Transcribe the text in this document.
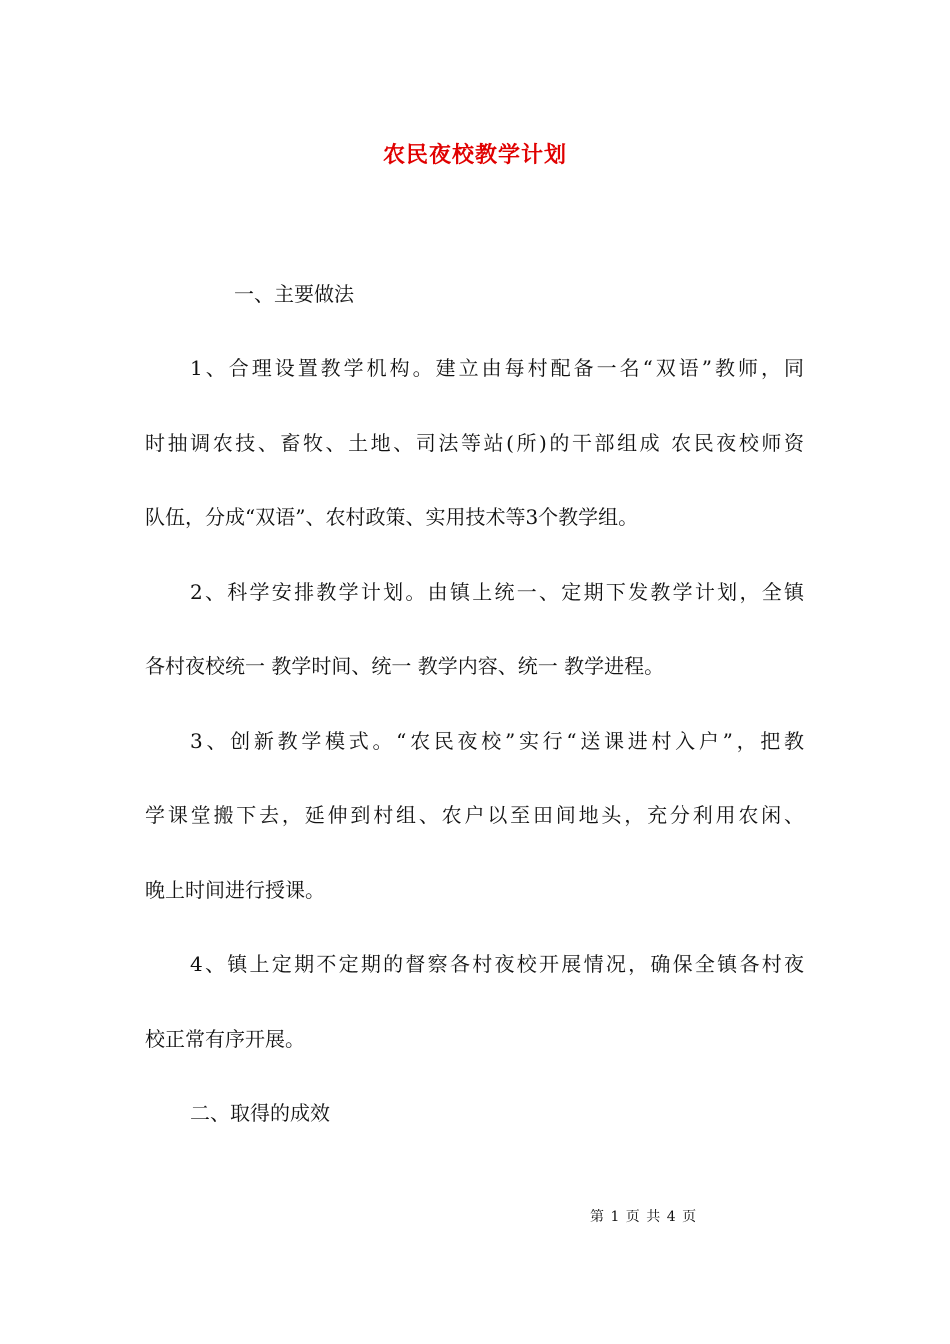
农民夜校教学计划
一、主要做法
1、合理设置教学机构。建立由每村配备一名“双语”教师，同
时抽调农技、畜牧、土地、司法等站(所)的干部组成 农民夜校师资
队伍，分成“双语”、农村政策、实用技术等3个教学组。
2、科学安排教学计划。由镇上统一、定期下发教学计划，全镇
各村夜校统一 教学时间、统一 教学内容、统一 教学进程。
3、创新教学模式。“农民夜校”实行“送课进村入户”，把教
学课堂搬下去，延伸到村组、农户以至田间地头，充分利用农闲、
晚上时间进行授课。
4、镇上定期不定期的督察各村夜校开展情况，确保全镇各村夜
校正常有序开展。
二、取得的成效
第 1 页 共 4 页
